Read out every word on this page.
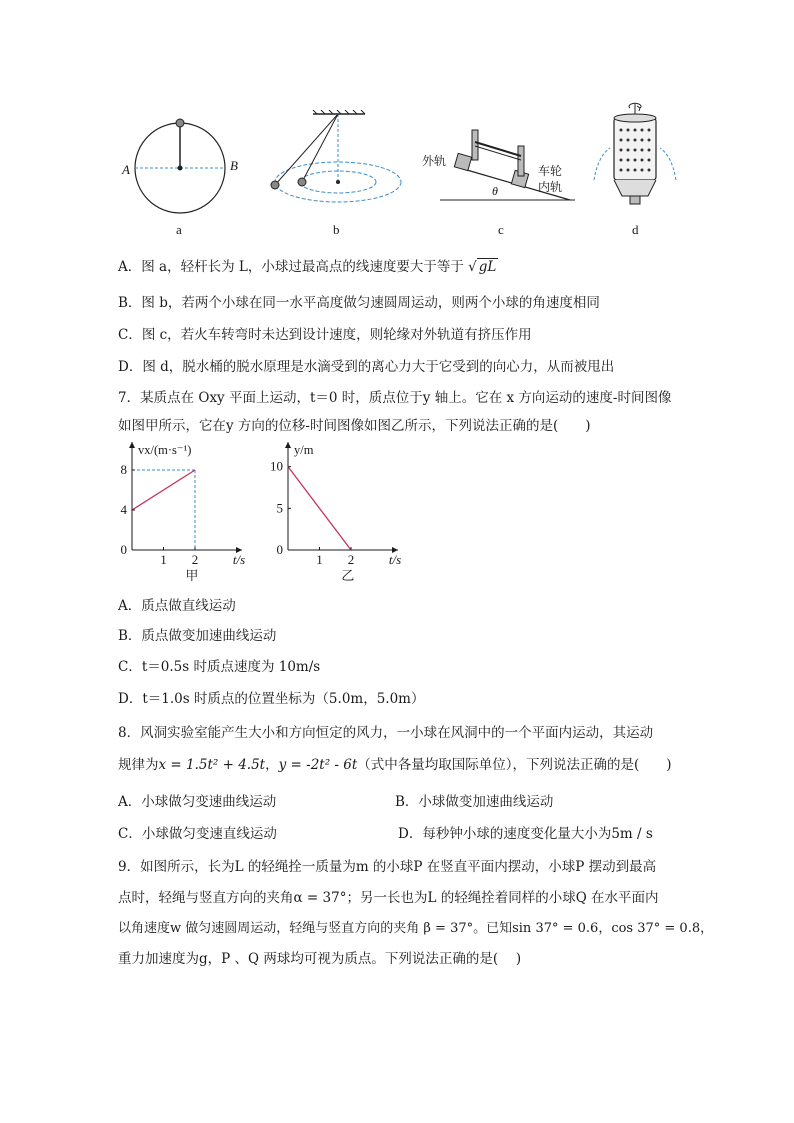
A	B
a	b
外轨
车轮
内轨
θ
c	d
A．图 a，轻杆长为 L，小球过最高点的线速度要大于等于 √ gL
B．图 b，若两个小球在同一水平高度做匀速圆周运动，则两个小球的角速度相同
C．图 c，若火车转弯时未达到设计速度，则轮缘对外轨道有挤压作用
D．图 d，脱水桶的脱水原理是水滴受到的离心力大于它受到的向心力，从而被甩出
7．某质点在 Oxy 平面上运动，t＝0 时，质点位于y 轴上。它在 x 方向运动的速度-时间图像
如图甲所示，它在y 方向的位移-时间图像如图乙所示，下列说法正确的是(　　)
1 2
0
4
8
t/s
vx/(m·s⁻¹)
甲
1 2
0
5
10
t/s
y/m
乙
A．质点做直线运动
B．质点做变加速曲线运动
C．t＝0.5s 时质点速度为 10m/s
D．t＝1.0s 时质点的位置坐标为（5.0m，5.0m）
8．风洞实验室能产生大小和方向恒定的风力，一小球在风洞中的一个平面内运动，其运动
规律为x = 1.5t² + 4.5t，y = -2t² - 6t（式中各量均取国际单位），下列说法正确的是(　　)
A．小球做匀变速曲线运动	B．小球做变加速曲线运动
C．小球做匀变速直线运动	D．每秒钟小球的速度变化量大小为5m / s
9．如图所示，长为L 的轻绳拴一质量为m 的小球P 在竖直平面内摆动，小球P 摆动到最高
点时，轻绳与竖直方向的夹角α = 37°；另一长也为L 的轻绳拴着同样的小球Q 在水平面内
以角速度w 做匀速圆周运动，轻绳与竖直方向的夹角 β = 37°。已知sin 37° = 0.6，cos 37° = 0.8，
重力加速度为g，P 、Q 两球均可视为质点。下列说法正确的是(　 )
